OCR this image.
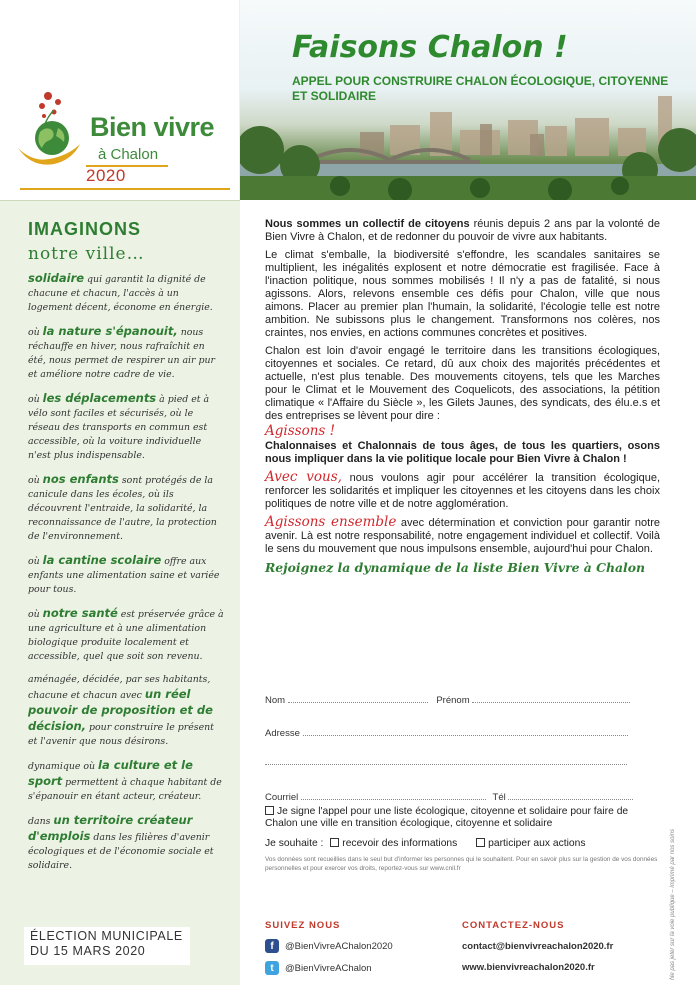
Bien vivre
à Chalon
2020
Faisons Chalon !
APPEL POUR CONSTRUIRE CHALON ÉCOLOGIQUE, CITOYENNE ET SOLIDAIRE
IMAGINONS
notre ville…
solidaire qui garantit la dignité de chacune et chacun, l'accès à un logement décent, économe en énergie.
où la nature s'épanouit, nous réchauffe en hiver, nous rafraîchit en été, nous permet de respirer un air pur et améliore notre cadre de vie.
où les déplacements à pied et à vélo sont faciles et sécurisés, où le réseau des transports en commun est accessible, où la voiture individuelle n'est plus indispensable.
où nos enfants sont protégés de la canicule dans les écoles, où ils découvrent l'entraide, la solidarité, la reconnaissance de l'autre, la protection de l'environnement.
où la cantine scolaire offre aux enfants une alimentation saine et variée pour tous.
où notre santé est préservée grâce à une agriculture et à une alimentation biologique produite localement et accessible, quel que soit son revenu.
aménagée, décidée, par ses habitants, chacune et chacun avec un réel pouvoir de proposition et de décision, pour construire le présent et l'avenir que nous désirons.
dynamique où la culture et le sport permettent à chaque habitant de s'épanouir en étant acteur, créateur.
dans un territoire créateur d'emplois dans les filières d'avenir écologiques et de l'économie sociale et solidaire.
ÉLECTION MUNICIPALE DU 15 MARS 2020

Nous sommes un collectif de citoyens réunis depuis 2 ans par la volonté de Bien Vivre à Chalon, et de redonner du pouvoir de vivre aux habitants.

Le climat s'emballe, la biodiversité s'effondre, les scandales sanitaires se multiplient, les inégalités explosent et notre démocratie est fragilisée. Face à l'inaction politique, nous sommes mobilisés ! Il n'y a pas de fatalité, si nous agissons. Alors, relevons ensemble ces défis pour Chalon, ville que nous aimons. Placer au premier plan l'humain, la solidarité, l'écologie telle est notre ambition. Ne subissons plus le changement. Transformons nos colères, nos craintes, nos envies, en actions communes concrètes et positives.

Chalon est loin d'avoir engagé le territoire dans les transitions écologiques, citoyennes et sociales. Ce retard, dû aux choix des majorités précédentes et actuelle, n'est plus tenable. Des mouvements citoyens, tels que les Marches pour le Climat et le Mouvement des Coquelicots, des associations, la pétition climatique « l'Affaire du Siècle », les Gilets Jaunes, des syndicats, des élu.e.s et des entreprises se lèvent pour dire :

Agissons !

Chalonnaises et Chalonnais de tous âges, de tous les quartiers, osons nous impliquer dans la vie politique locale pour Bien Vivre à Chalon !

Avec vous, nous voulons agir pour accélérer la transition écologique, renforcer les solidarités et impliquer les citoyennes et les citoyens dans les choix politiques de notre ville et de notre agglomération.

Agissons ensemble avec détermination et conviction pour garantir notre avenir. Là est notre responsabilité, notre engagement individuel et collectif. Voilà le sens du mouvement que nous impulsons ensemble, aujourd'hui pour Chalon.

Rejoignez la dynamique de la liste Bien Vivre à Chalon
Nom	Prénom
Adresse
Courriel	Tél
Je signe l'appel pour une liste écologique, citoyenne et solidaire pour faire de Chalon une ville en transition écologique, citoyenne et solidaire
Je souhaite : recevoir des informations	participer aux actions
Vos données sont recueillies dans le seul but d'informer les personnes qui le souhaitent. Pour en savoir plus sur la gestion de vos données personnelles et pour exercer vos droits, reportez-vous sur www.cnil.fr
SUIVEZ NOUS
f	@BienVivreAChalon2020
t	@BienVivreAChalon
CONTACTEZ-NOUS
contact@bienvivreachalon2020.fr
www.bienvivreachalon2020.fr	Ne pas jeter sur la voie publique – imprimé par nos soins
